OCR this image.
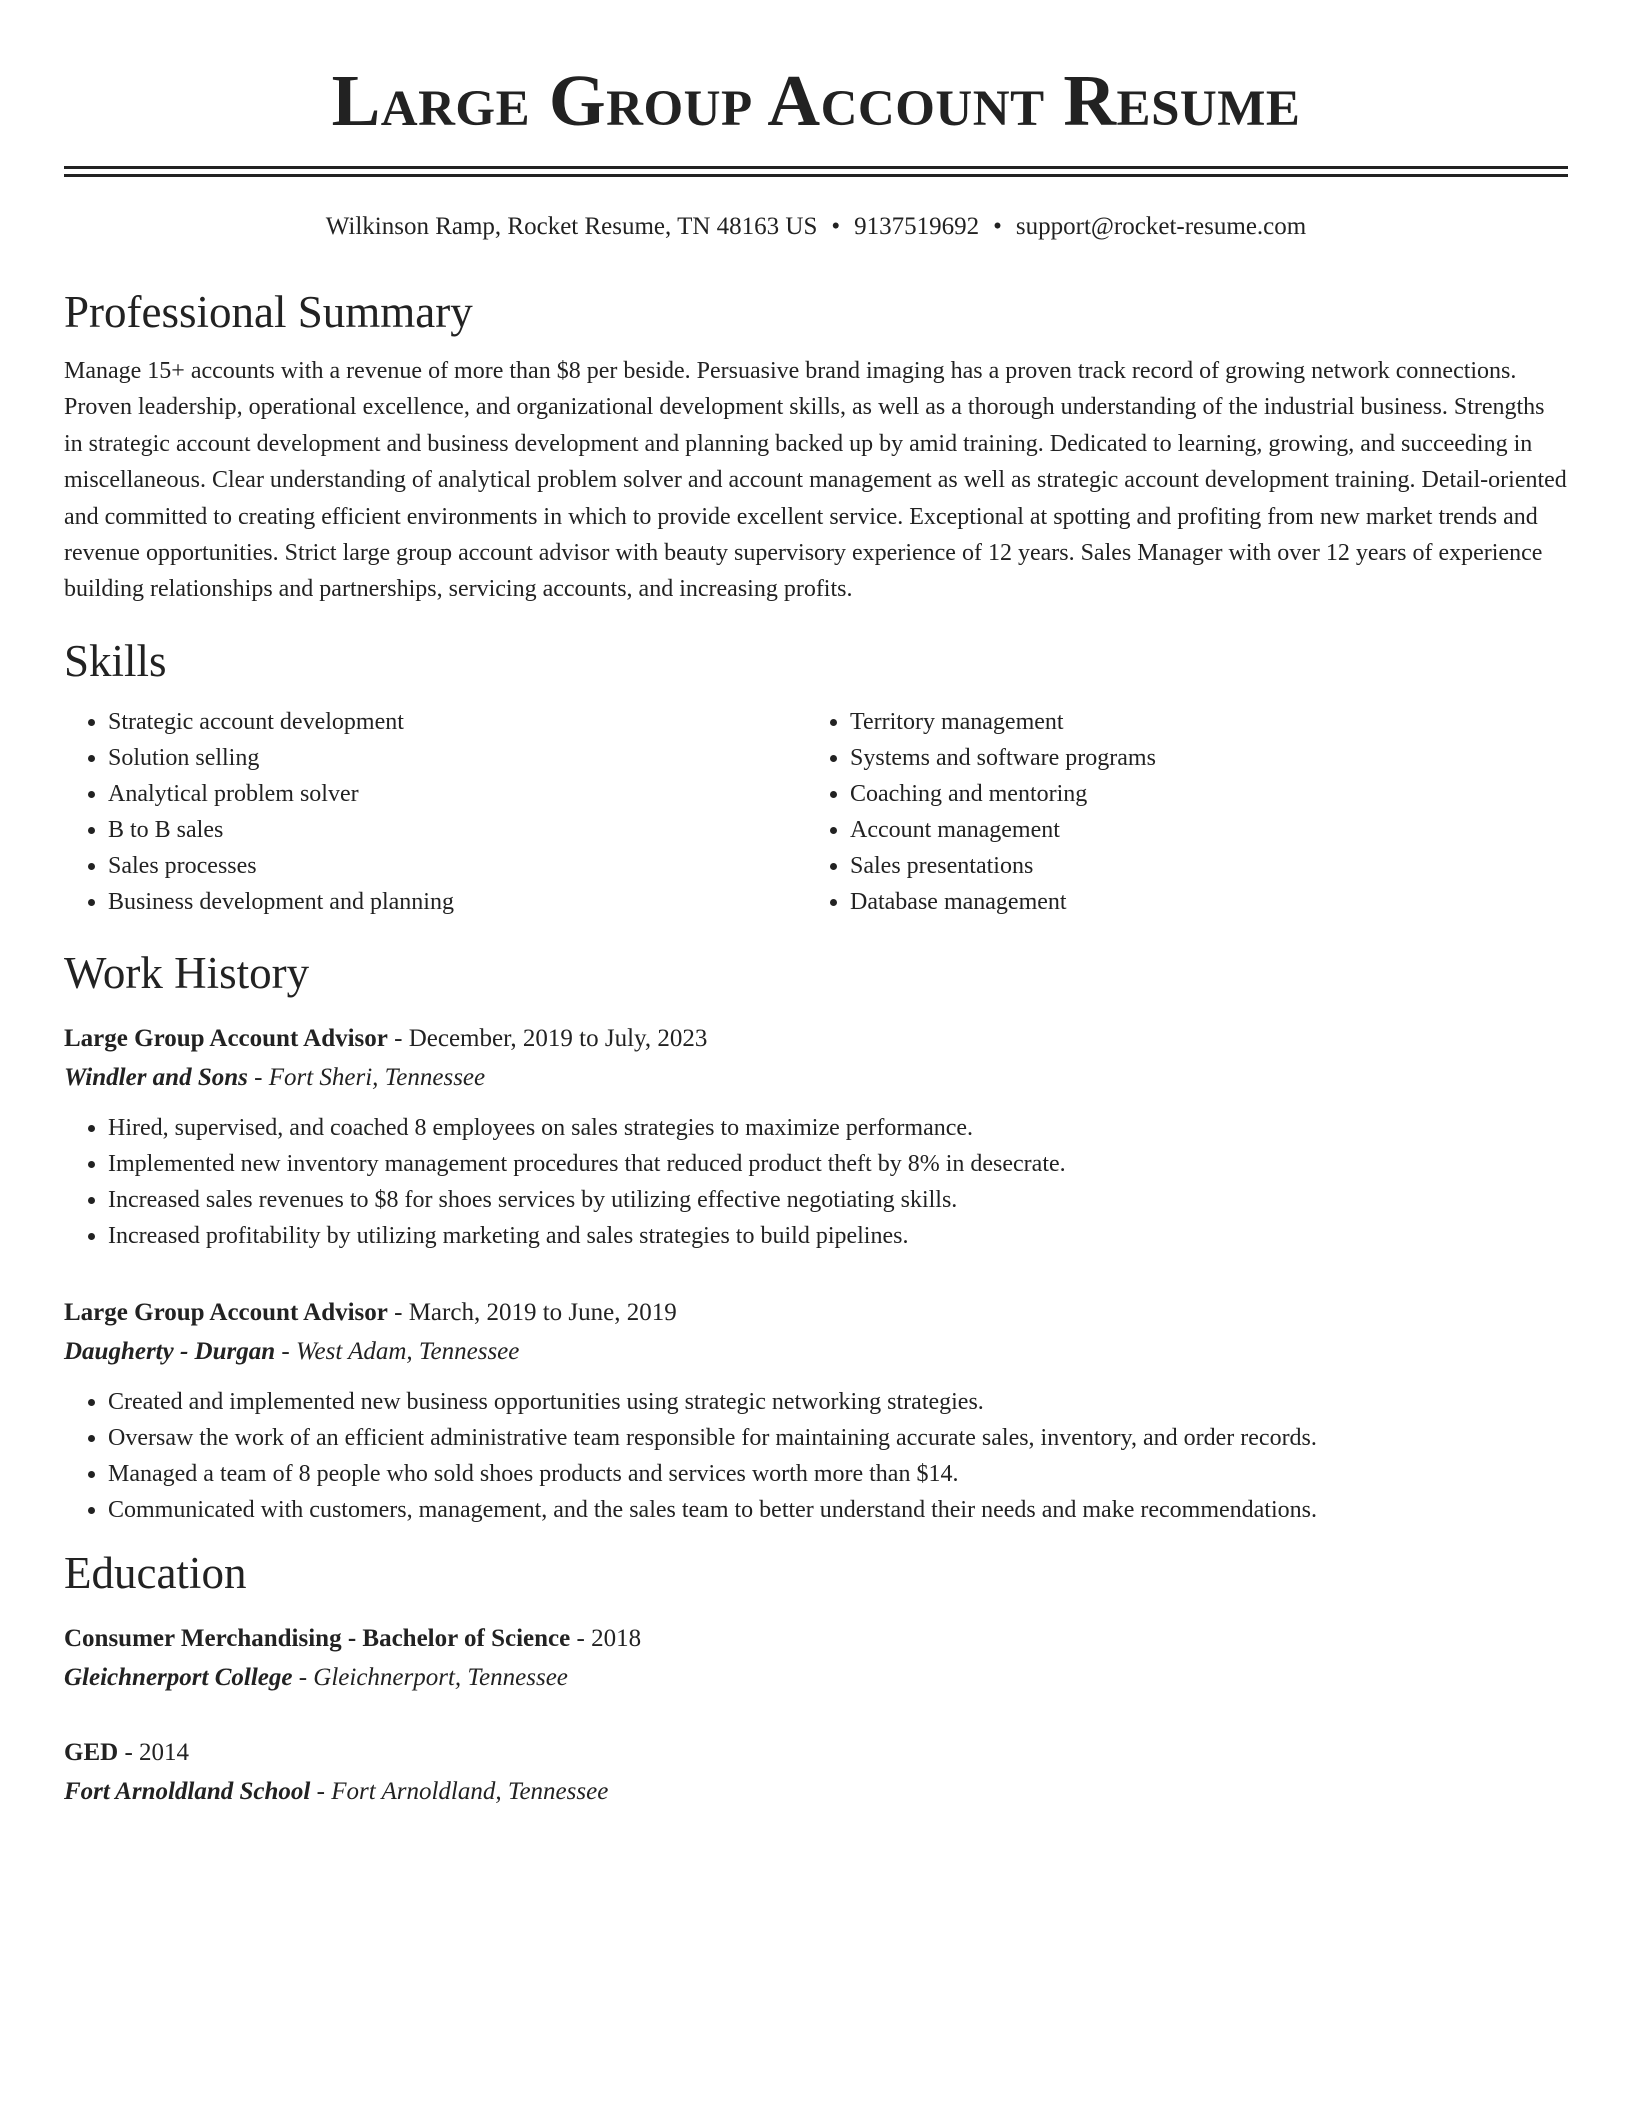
Large Group Account Resume
Wilkinson Ramp, Rocket Resume, TN 48163 US • 9137519692 • support@rocket-resume.com
Professional Summary

Manage 15+ accounts with a revenue of more than $8 per beside. Persuasive brand imaging has a proven track record of growing network connections. Proven leadership, operational excellence, and organizational development skills, as well as a thorough understanding of the industrial business. Strengths in strategic account development and business development and planning backed up by amid training. Dedicated to learning, growing, and succeeding in miscellaneous. Clear understanding of analytical problem solver and account management as well as strategic account development training. Detail-oriented and committed to creating efficient environments in which to provide excellent service. Exceptional at spotting and profiting from new market trends and revenue opportunities. Strict large group account advisor with beauty supervisory experience of 12 years. Sales Manager with over 12 years of experience building relationships and partnerships, servicing accounts, and increasing profits.

Skills
• Strategic account development
• Solution selling
• Analytical problem solver
• B to B sales
• Sales processes
• Business development and planning
• Territory management
• Systems and software programs
• Coaching and mentoring
• Account management
• Sales presentations
• Database management
Work History
Large Group Account Advisor - December, 2019 to July, 2023
Windler and Sons - Fort Sheri, Tennessee
• Hired, supervised, and coached 8 employees on sales strategies to maximize performance.
• Implemented new inventory management procedures that reduced product theft by 8% in desecrate.
• Increased sales revenues to $8 for shoes services by utilizing effective negotiating skills.
• Increased profitability by utilizing marketing and sales strategies to build pipelines.
Large Group Account Advisor - March, 2019 to June, 2019
Daugherty - Durgan - West Adam, Tennessee
• Created and implemented new business opportunities using strategic networking strategies.
• Oversaw the work of an efficient administrative team responsible for maintaining accurate sales, inventory, and order records.
• Managed a team of 8 people who sold shoes products and services worth more than $14.
• Communicated with customers, management, and the sales team to better understand their needs and make recommendations.
Education
Consumer Merchandising - Bachelor of Science - 2018
Gleichnerport College - Gleichnerport, Tennessee
GED - 2014
Fort Arnoldland School - Fort Arnoldland, Tennessee
